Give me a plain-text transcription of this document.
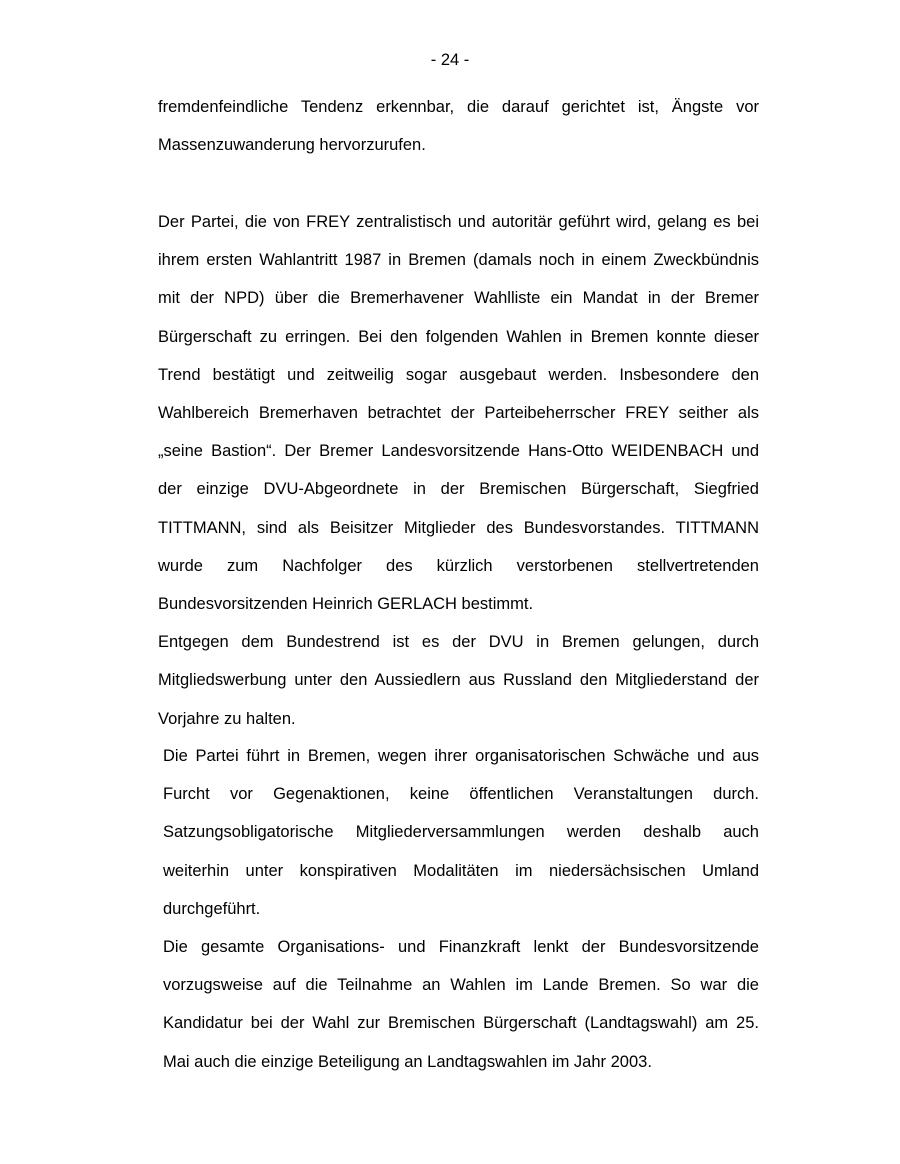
- 24 -

fremdenfeindliche Tendenz erkennbar, die darauf gerichtet ist, Ängste vor Massenzuwanderung hervorzurufen.

Der Partei, die von FREY zentralistisch und autoritär geführt wird, gelang es bei ihrem ersten Wahlantritt 1987 in Bremen (damals noch in einem Zweckbündnis mit der NPD) über die Bremerhavener Wahlliste ein Mandat in der Bremer Bürgerschaft zu erringen. Bei den folgenden Wahlen in Bremen konnte dieser Trend bestätigt und zeitweilig sogar ausgebaut werden. Insbesondere den Wahlbereich Bremerhaven betrachtet der Parteibeherrscher FREY seither als „seine Bastion“. Der Bremer Landesvorsitzende Hans-Otto WEIDENBACH und der einzige DVU-Abgeordnete in der Bremischen Bürgerschaft, Siegfried TITTMANN, sind als Beisitzer Mitglieder des Bundesvorstandes. TITTMANN wurde zum Nachfolger des kürzlich verstorbenen stellvertretenden Bundesvorsitzenden Heinrich GERLACH bestimmt.

Entgegen dem Bundestrend ist es der DVU in Bremen gelungen, durch Mitgliedswerbung unter den Aussiedlern aus Russland den Mitgliederstand der Vorjahre zu halten.

Die Partei führt in Bremen, wegen ihrer organisatorischen Schwäche und aus Furcht vor Gegenaktionen, keine öffentlichen Veranstaltungen durch. Satzungsobligatorische Mitgliederversammlungen werden deshalb auch weiterhin unter konspirativen Modalitäten im niedersächsischen Umland durchgeführt.

Die gesamte Organisations- und Finanzkraft lenkt der Bundesvorsitzende vorzugsweise auf die Teilnahme an Wahlen im Lande Bremen. So war die Kandidatur bei der Wahl zur Bremischen Bürgerschaft (Landtagswahl) am 25. Mai auch die einzige Beteiligung an Landtagswahlen im Jahr 2003.
